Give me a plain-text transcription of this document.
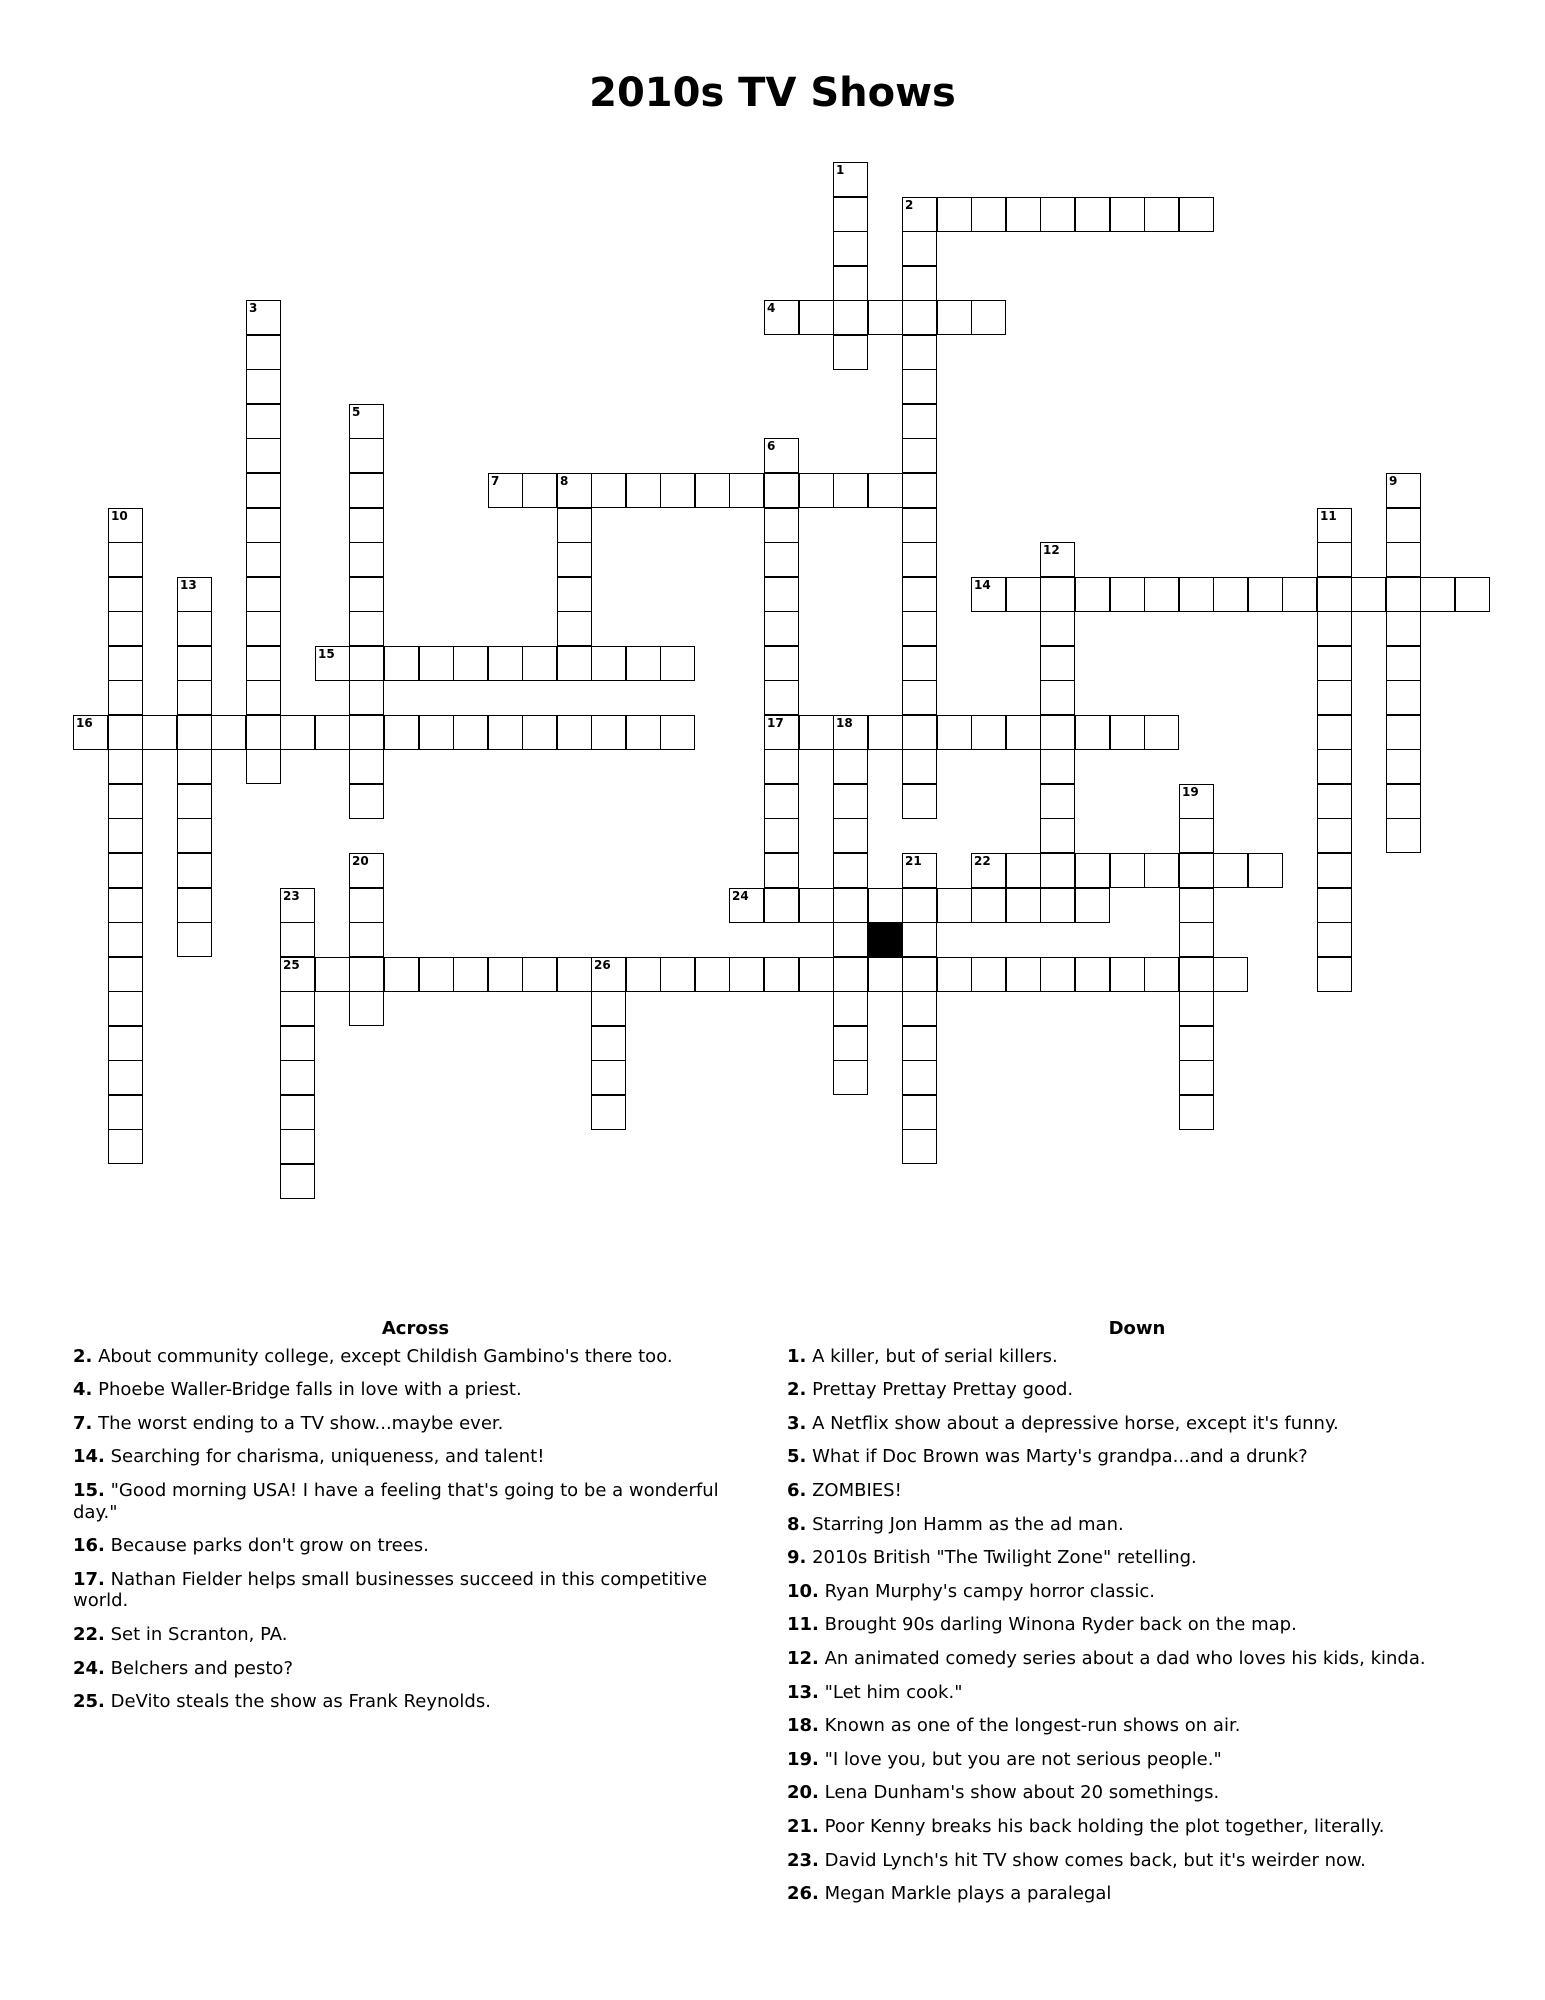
2010s TV Shows
1
2
3	4
5
6
17
7	8	9
10	11
12
13	14
15
16	18
19
20	21	22
23
25
24
26
Across
2. About community college, except Childish Gambino's there too.
4. Phoebe Waller-Bridge falls in love with a priest.
7. The worst ending to a TV show...maybe ever.
14. Searching for charisma, uniqueness, and talent!
15. "Good morning USA! I have a feeling that's going to be a wonderful day."
16. Because parks don't grow on trees.
17. Nathan Fielder helps small businesses succeed in this competitive world.
22. Set in Scranton, PA.
24. Belchers and pesto?
25. DeVito steals the show as Frank Reynolds.
Down
1. A killer, but of serial killers.
2. Prettay Prettay Prettay good.
3. A Netflix show about a depressive horse, except it's funny.
5. What if Doc Brown was Marty's grandpa...and a drunk?
6. ZOMBIES!
8. Starring Jon Hamm as the ad man.
9. 2010s British "The Twilight Zone" retelling.
10. Ryan Murphy's campy horror classic.
11. Brought 90s darling Winona Ryder back on the map.
12. An animated comedy series about a dad who loves his kids, kinda.
13. "Let him cook."
18. Known as one of the longest-run shows on air.
19. "I love you, but you are not serious people."
20. Lena Dunham's show about 20 somethings.
21. Poor Kenny breaks his back holding the plot together, literally.
23. David Lynch's hit TV show comes back, but it's weirder now.
26. Megan Markle plays a paralegal
